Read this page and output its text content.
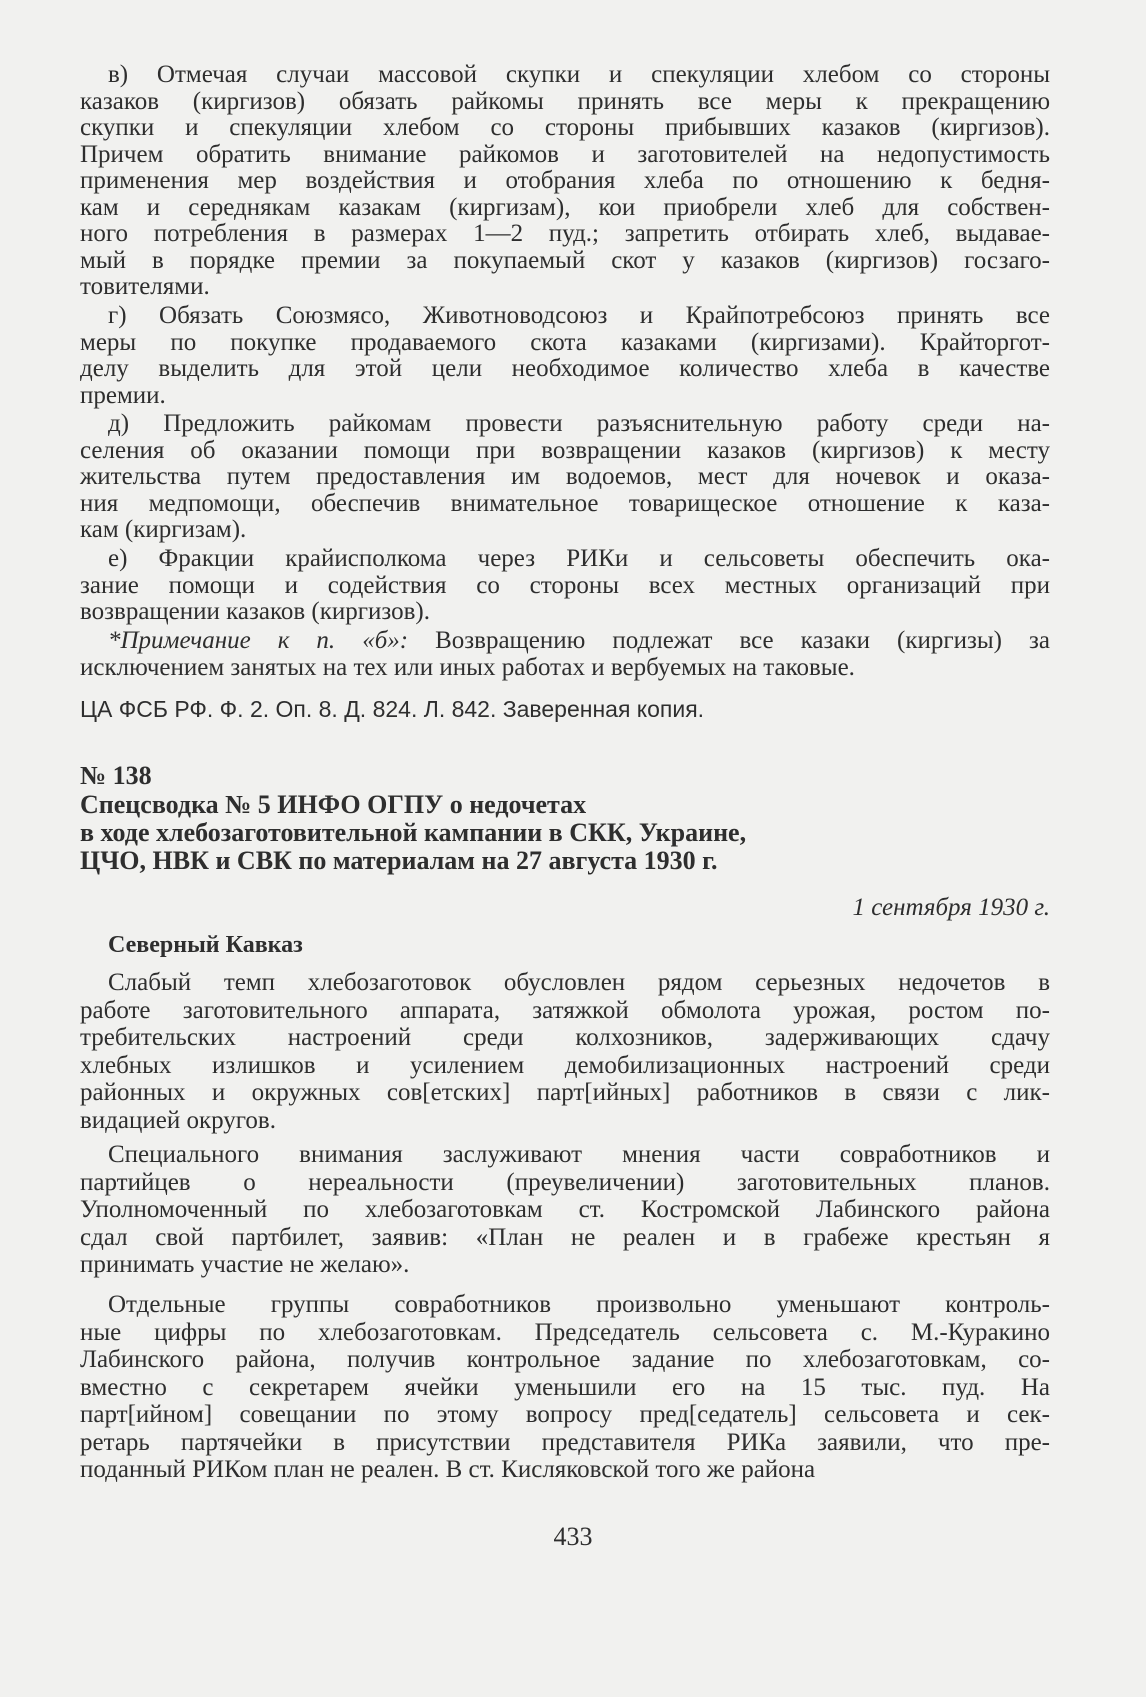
в) Отмечая случаи массовой скупки и спекуляции хлебом со стороны
казаков (киргизов) обязать райкомы принять все меры к прекращению
скупки и спекуляции хлебом со стороны прибывших казаков (киргизов).
Причем обратить внимание райкомов и заготовителей на недопустимость
применения мер воздействия и отобрания хлеба по отношению к бедня-
кам и середнякам казакам (киргизам), кои приобрели хлеб для собствен-
ного потребления в размерах 1—2 пуд.; запретить отбирать хлеб, выдавае-
мый в порядке премии за покупаемый скот у казаков (киргизов) госзаго-
товителями.
г) Обязать Союзмясо, Животноводсоюз и Крайпотребсоюз принять все
меры по покупке продаваемого скота казаками (киргизами). Крайторгот-
делу выделить для этой цели необходимое количество хлеба в качестве
премии.
д) Предложить райкомам провести разъяснительную работу среди на-
селения об оказании помощи при возвращении казаков (киргизов) к месту
жительства путем предоставления им водоемов, мест для ночевок и оказа-
ния медпомощи, обеспечив внимательное товарищеское отношение к каза-
кам (киргизам).
е) Фракции крайисполкома через РИКи и сельсоветы обеспечить ока-
зание помощи и содействия со стороны всех местных организаций при
возвращении казаков (киргизов).
*Примечание к п. «б»: Возвращению подлежат все казаки (киргизы) за
исключением занятых на тех или иных работах и вербуемых на таковые.
ЦА ФСБ РФ. Ф. 2. Оп. 8. Д. 824. Л. 842. Заверенная копия.
№ 138
Спецсводка № 5 ИНФО ОГПУ о недочетах
в ходе хлебозаготовительной кампании в СКК, Украине,
ЦЧО, НВК и СВК по материалам на 27 августа 1930 г.
1 сентября 1930 г.
Северный Кавказ
Слабый темп хлебозаготовок обусловлен рядом серьезных недочетов в
работе заготовительного аппарата, затяжкой обмолота урожая, ростом по-
требительских настроений среди колхозников, задерживающих сдачу
хлебных излишков и усилением демобилизационных настроений среди
районных и окружных сов[етских] парт[ийных] работников в связи с лик-
видацией округов.
Специального внимания заслуживают мнения части совработников и
партийцев о нереальности (преувеличении) заготовительных планов.
Уполномоченный по хлебозаготовкам ст. Костромской Лабинского района
сдал свой партбилет, заявив: «План не реален и в грабеже крестьян я
принимать участие не желаю».
Отдельные группы совработников произвольно уменьшают контроль-
ные цифры по хлебозаготовкам. Председатель сельсовета с. М.-Куракино
Лабинского района, получив контрольное задание по хлебозаготовкам, со-
вместно с секретарем ячейки уменьшили его на 15 тыс. пуд. На
парт[ийном] совещании по этому вопросу пред[седатель] сельсовета и сек-
ретарь партячейки в присутствии представителя РИКа заявили, что пре-
поданный РИКом план не реален. В ст. Кисляковской того же района
433
